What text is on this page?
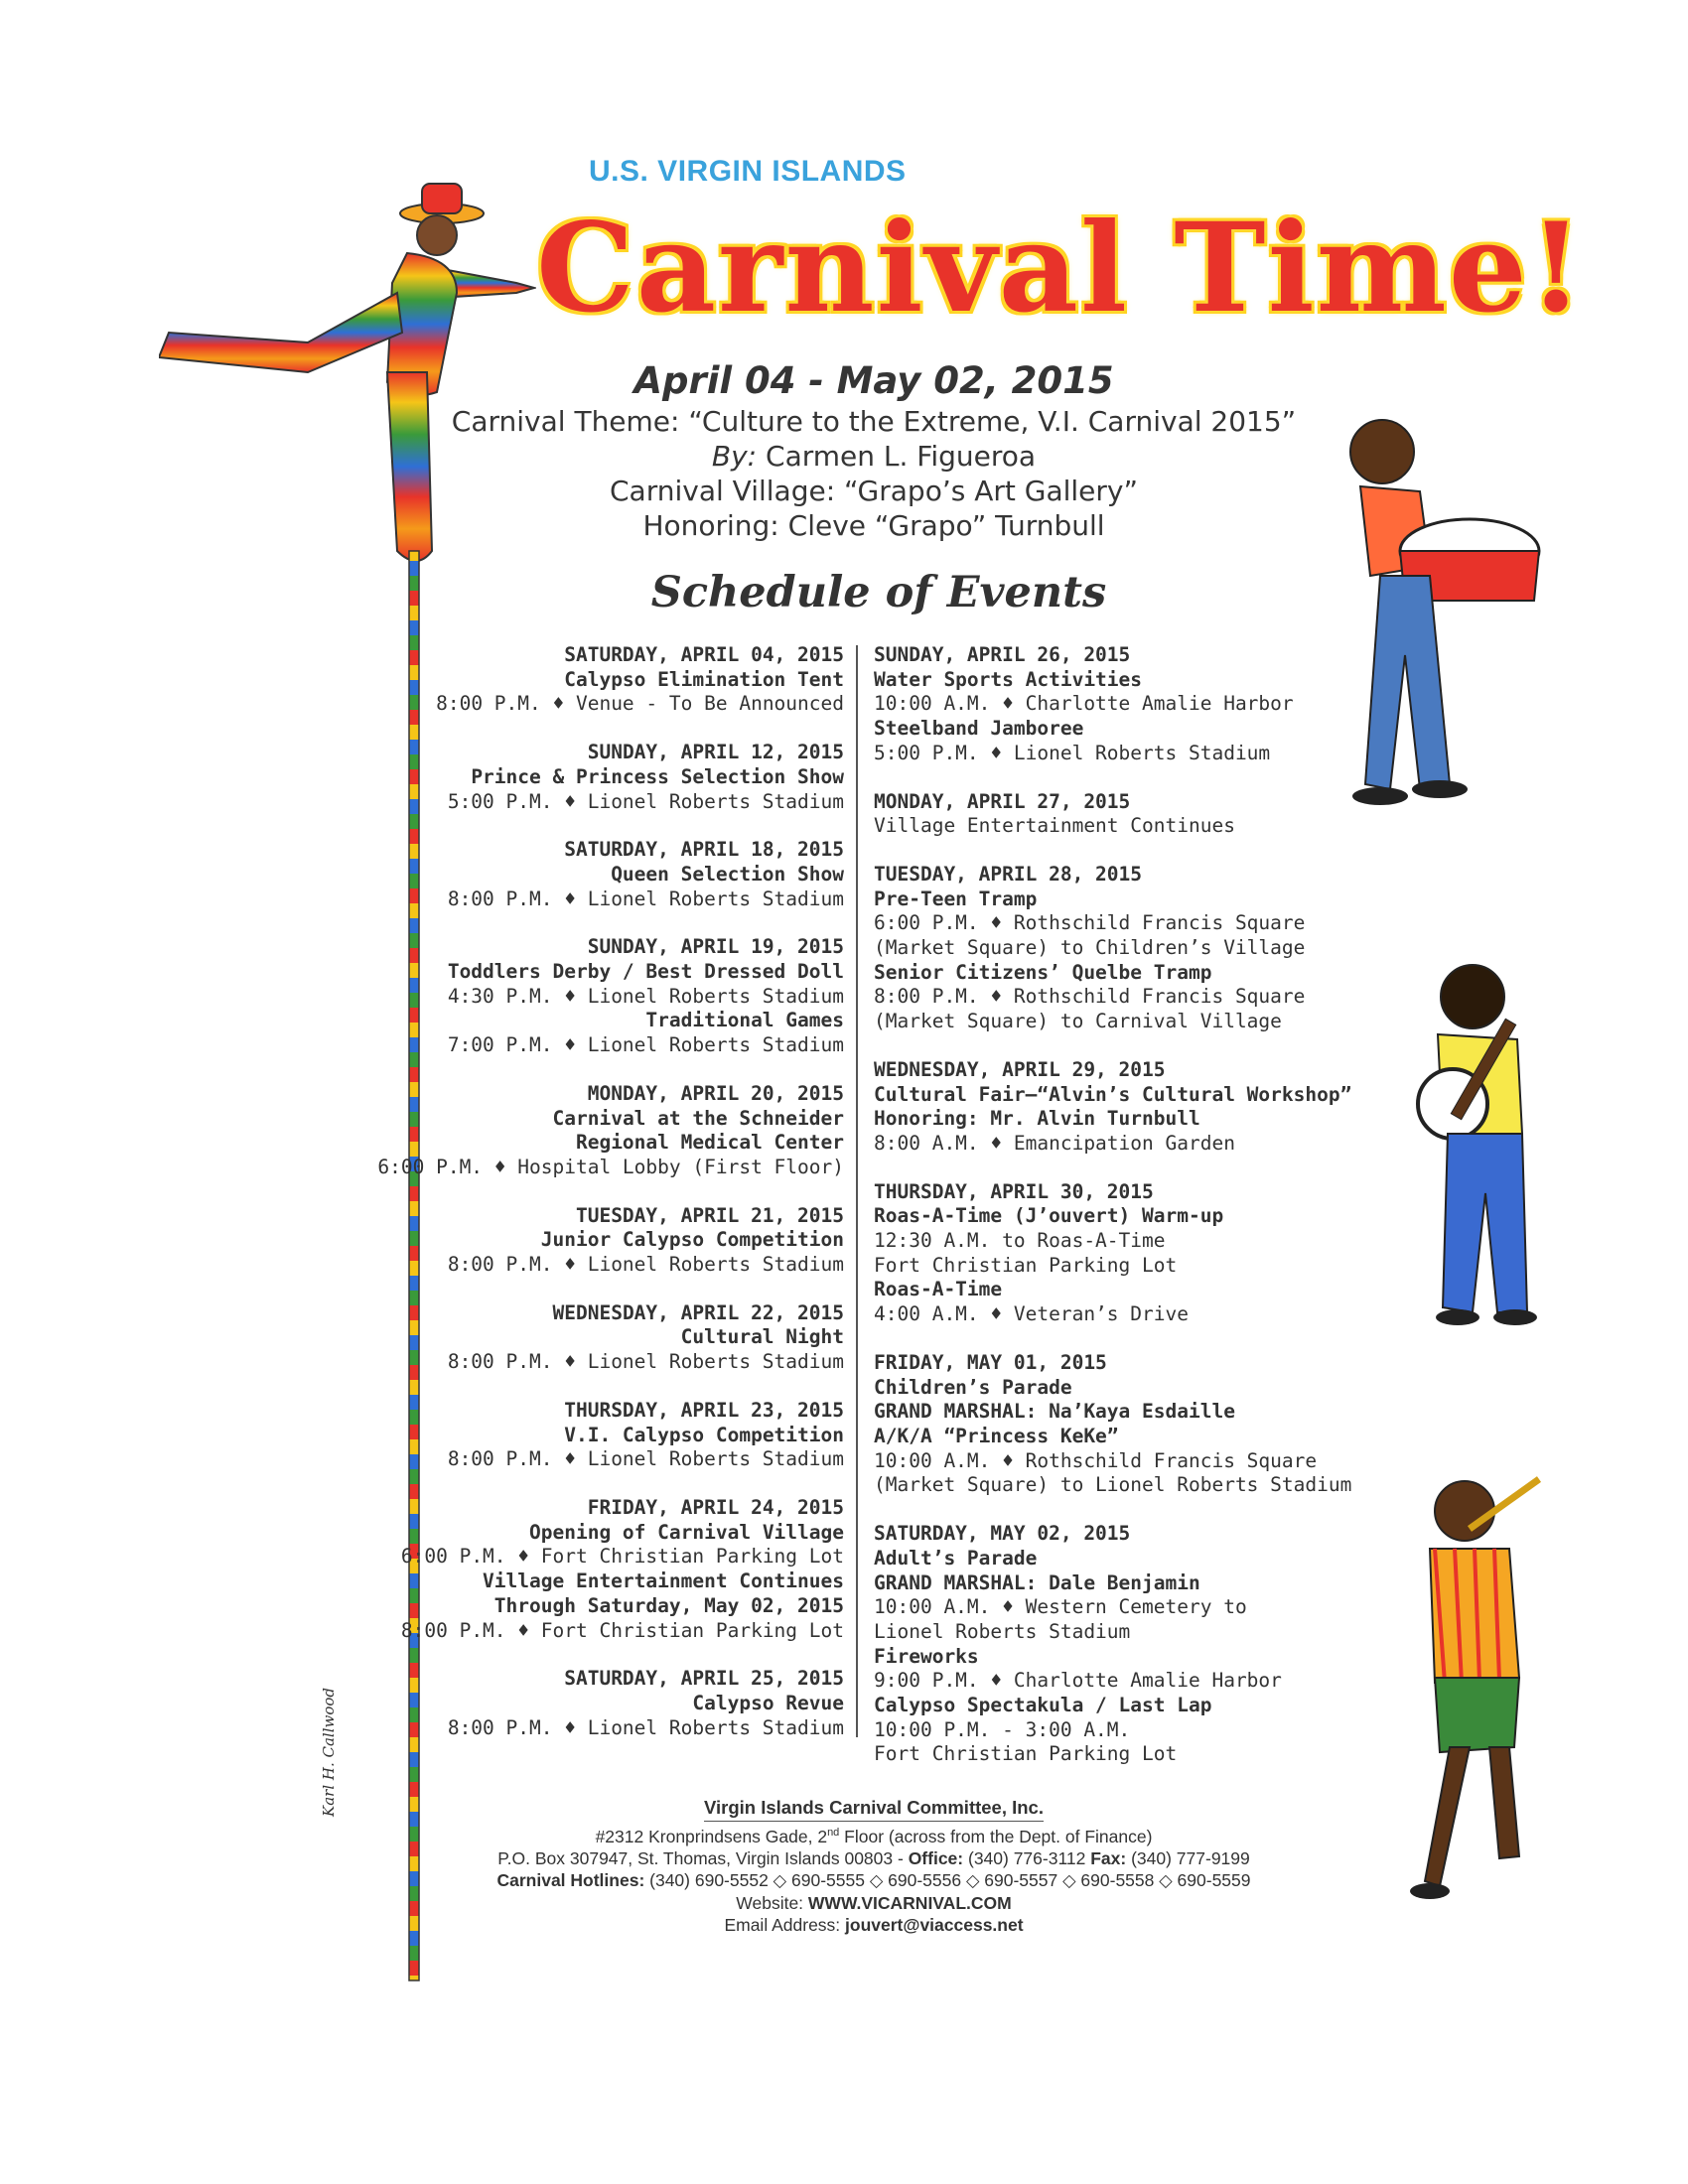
U.S. VIRGIN ISLANDS
Carnival Time!
April 04 - May 02, 2015
Carnival Theme: “Culture to the Extreme, V.I. Carnival 2015”
By: Carmen L. Figueroa
Carnival Village: “Grapo’s Art Gallery”
Honoring: Cleve “Grapo” Turnbull
Schedule of Events
SATURDAY, APRIL 04, 2015
Calypso Elimination Tent
8:00 P.M. ♦ Venue - To Be Announced
SUNDAY, APRIL 12, 2015
Prince & Princess Selection Show
5:00 P.M. ♦ Lionel Roberts Stadium
SATURDAY, APRIL 18, 2015
Queen Selection Show
8:00 P.M. ♦ Lionel Roberts Stadium
SUNDAY, APRIL 19, 2015
Toddlers Derby / Best Dressed Doll
4:30 P.M. ♦ Lionel Roberts Stadium
Traditional Games
7:00 P.M. ♦ Lionel Roberts Stadium
MONDAY, APRIL 20, 2015
Carnival at the Schneider
Regional Medical Center
6:00 P.M. ♦ Hospital Lobby (First Floor)
TUESDAY, APRIL 21, 2015
Junior Calypso Competition
8:00 P.M. ♦ Lionel Roberts Stadium
WEDNESDAY, APRIL 22, 2015
Cultural Night
8:00 P.M. ♦ Lionel Roberts Stadium
THURSDAY, APRIL 23, 2015
V.I. Calypso Competition
8:00 P.M. ♦ Lionel Roberts Stadium
FRIDAY, APRIL 24, 2015
Opening of Carnival Village
6:00 P.M. ♦ Fort Christian Parking Lot
Village Entertainment Continues
Through Saturday, May 02, 2015
8:00 P.M. ♦ Fort Christian Parking Lot
SATURDAY, APRIL 25, 2015
Calypso Revue
8:00 P.M. ♦ Lionel Roberts Stadium
SUNDAY, APRIL 26, 2015
Water Sports Activities
10:00 A.M. ♦ Charlotte Amalie Harbor
Steelband Jamboree
5:00 P.M. ♦ Lionel Roberts Stadium
MONDAY, APRIL 27, 2015
Village Entertainment Continues
TUESDAY, APRIL 28, 2015
Pre-Teen Tramp
6:00 P.M. ♦ Rothschild Francis Square
(Market Square) to Children’s Village
Senior Citizens’ Quelbe Tramp
8:00 P.M. ♦ Rothschild Francis Square
(Market Square) to Carnival Village
WEDNESDAY, APRIL 29, 2015
Cultural Fair–“Alvin’s Cultural Workshop”
Honoring: Mr. Alvin Turnbull
8:00 A.M. ♦ Emancipation Garden
THURSDAY, APRIL 30, 2015
Roas-A-Time (J’ouvert) Warm-up
12:30 A.M. to Roas-A-Time
Fort Christian Parking Lot
Roas-A-Time
4:00 A.M. ♦ Veteran’s Drive
FRIDAY, MAY 01, 2015
Children’s Parade
GRAND MARSHAL: Na’Kaya Esdaille
A/K/A “Princess KeKe”
10:00 A.M. ♦ Rothschild Francis Square
(Market Square) to Lionel Roberts Stadium
SATURDAY, MAY 02, 2015
Adult’s Parade
GRAND MARSHAL: Dale Benjamin
10:00 A.M. ♦ Western Cemetery to
Lionel Roberts Stadium
Fireworks
9:00 P.M. ♦ Charlotte Amalie Harbor
Calypso Spectakula / Last Lap
10:00 P.M. - 3:00 A.M.
Fort Christian Parking Lot
Virgin Islands Carnival Committee, Inc.
#2312 Kronprindsens Gade, 2nd Floor (across from the Dept. of Finance)
P.O. Box 307947, St. Thomas, Virgin Islands 00803 - Office: (340) 776-3112 Fax: (340) 777-9199
Carnival Hotlines: (340) 690-5552 ◇ 690-5555 ◇ 690-5556 ◇ 690-5557 ◇ 690-5558 ◇ 690-5559
Website: WWW.VICARNIVAL.COM
Email Address: jouvert@viaccess.net
Karl H. Callwood
